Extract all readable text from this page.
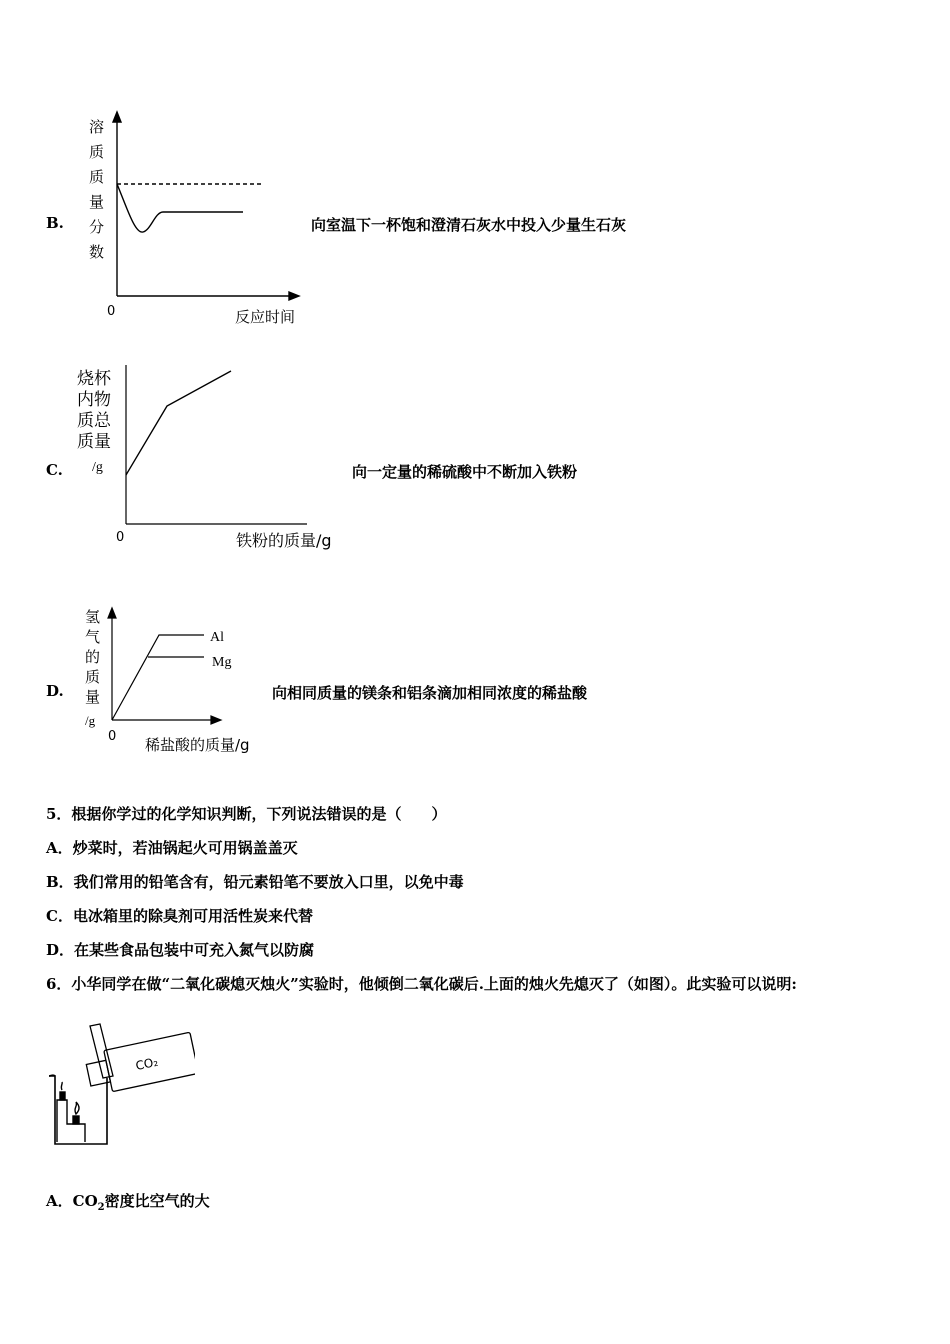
B.
溶
质
质
量
分
数
0	反应时间
向室温下一杯饱和澄清石灰水中投入少量生石灰
C.
烧杯
内物
质总
质量
/g
0	铁粉的质量/g
向一定量的稀硫酸中不断加入铁粉
D.
氢
气
的
质
量
/g
0
Al
Mg
稀盐酸的质量/g
向相同质量的镁条和铝条滴加相同浓度的稀盐酸
5．根据你学过的化学知识判断，下列说法错误的是（　　）
A．炒菜时，若油锅起火可用锅盖盖灭
B．我们常用的铅笔含有，铅元素铅笔不要放入口里，以免中毒
C．电冰箱里的除臭剂可用活性炭来代替
D．在某些食品包装中可充入氮气以防腐
6．小华同学在做“二氧化碳熄灭烛火”实验时，他倾倒二氧化碳后.上面的烛火先熄灭了（如图）。此实验可以说明:
CO₂
A．$CO_2$密度比空气的大
